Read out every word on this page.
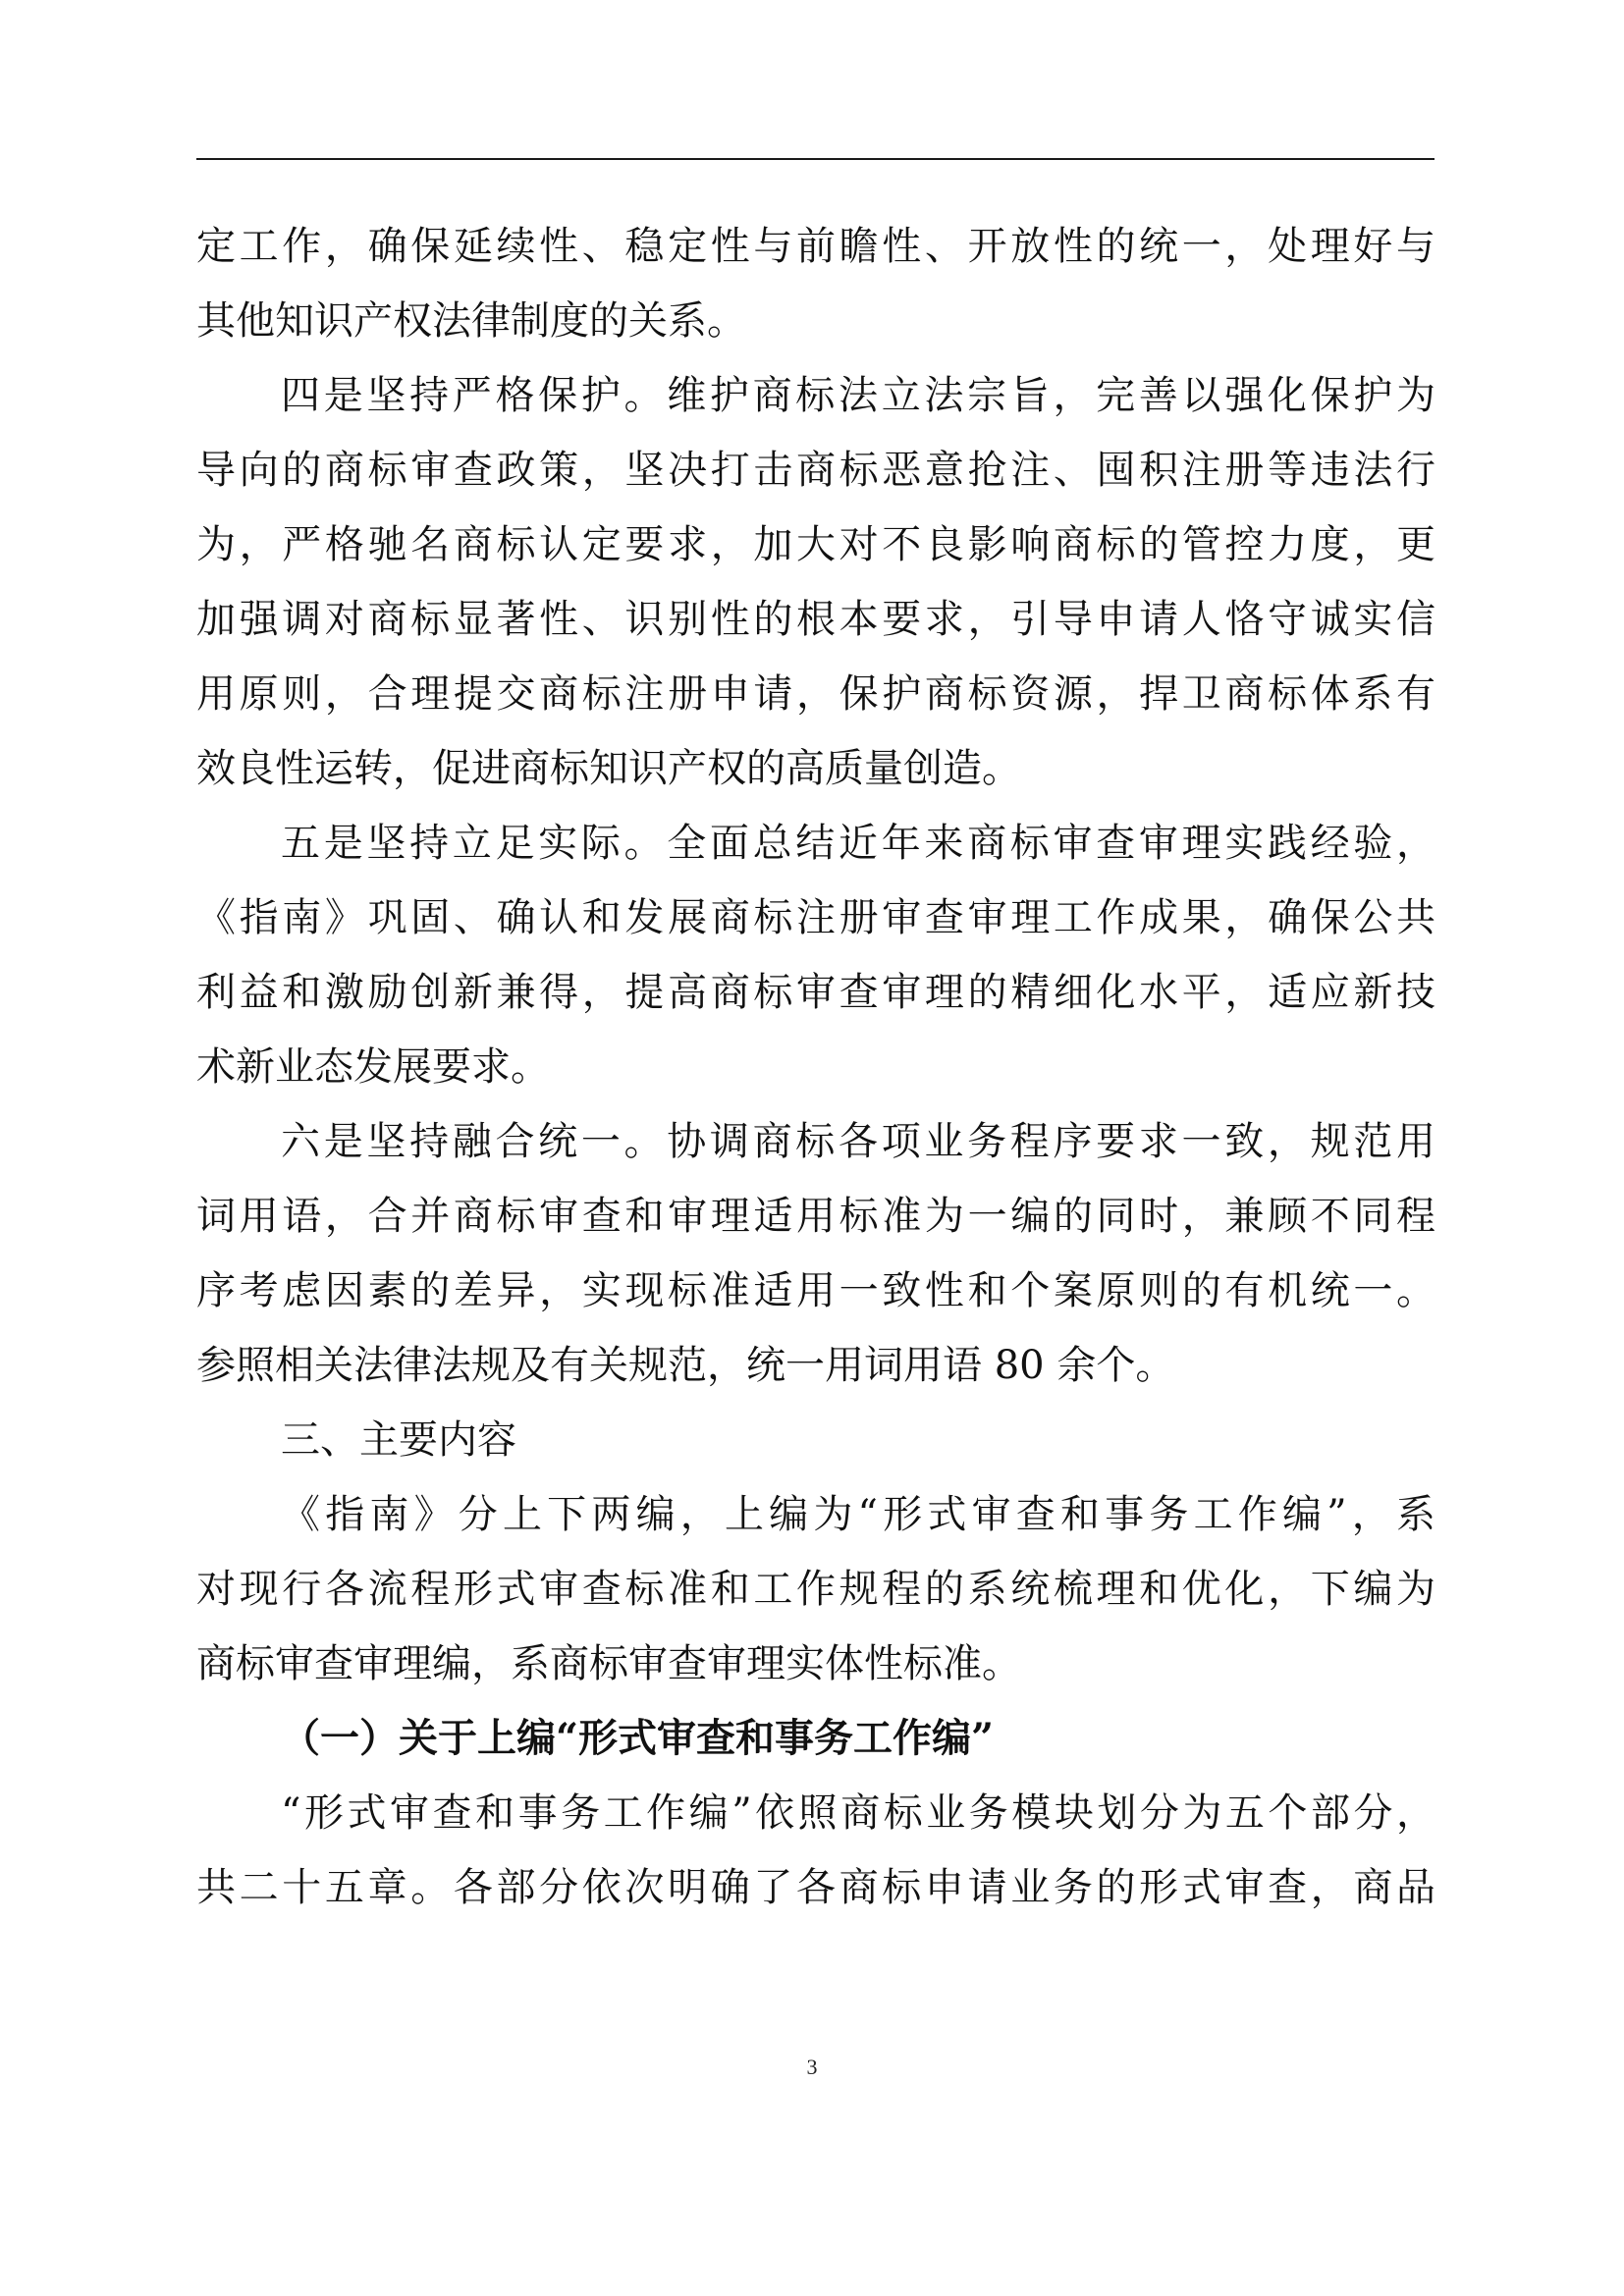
定工作，确保延续性、稳定性与前瞻性、开放性的统一，处理好与
其他知识产权法律制度的关系。
四是坚持严格保护。维护商标法立法宗旨，完善以强化保护为
导向的商标审查政策，坚决打击商标恶意抢注、囤积注册等违法行
为，严格驰名商标认定要求，加大对不良影响商标的管控力度，更
加强调对商标显著性、识别性的根本要求，引导申请人恪守诚实信
用原则，合理提交商标注册申请，保护商标资源，捍卫商标体系有
效良性运转，促进商标知识产权的高质量创造。
五是坚持立足实际。全面总结近年来商标审查审理实践经验，
《指南》巩固、确认和发展商标注册审查审理工作成果，确保公共
利益和激励创新兼得，提高商标审查审理的精细化水平，适应新技
术新业态发展要求。
六是坚持融合统一。协调商标各项业务程序要求一致，规范用
词用语，合并商标审查和审理适用标准为一编的同时，兼顾不同程
序考虑因素的差异，实现标准适用一致性和个案原则的有机统一。
参照相关法律法规及有关规范，统一用词用语 80 余个。
三、主要内容
《指南》分上下两编，上编为“形式审查和事务工作编”，系
对现行各流程形式审查标准和工作规程的系统梳理和优化，下编为
商标审查审理编，系商标审查审理实体性标准。
（一）关于上编“形式审查和事务工作编”
“形式审查和事务工作编”依照商标业务模块划分为五个部分，
共二十五章。各部分依次明确了各商标申请业务的形式审查，商品
3
